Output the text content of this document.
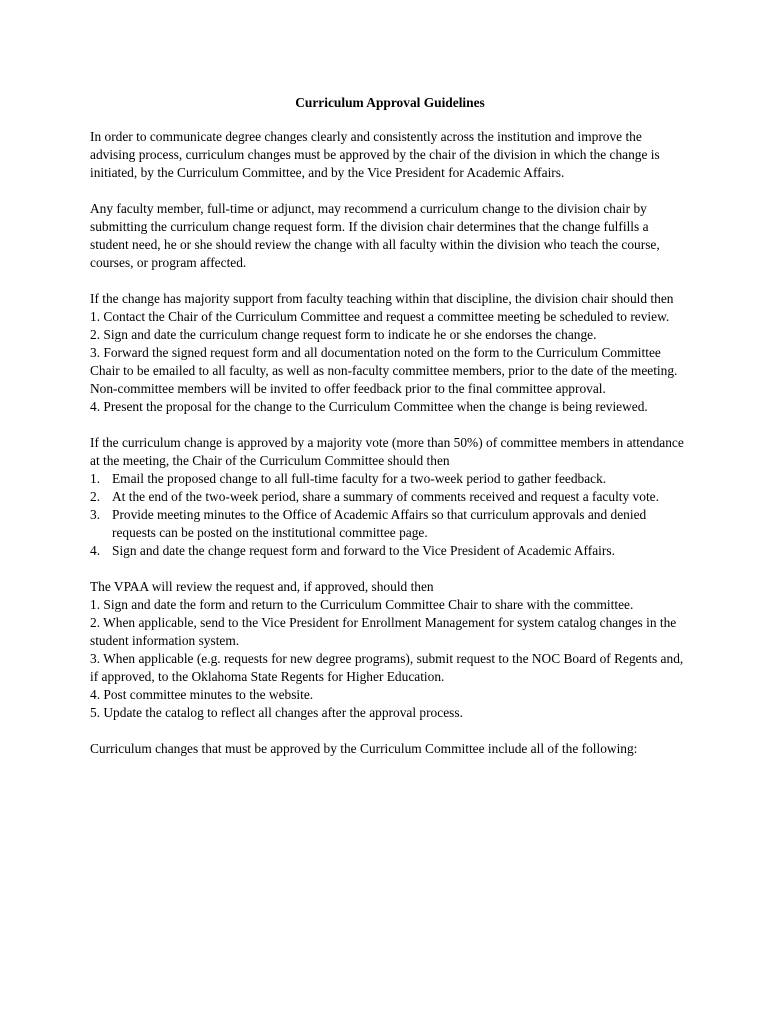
Curriculum Approval Guidelines

In order to communicate degree changes clearly and consistently across the institution and improve the advising process, curriculum changes must be approved by the chair of the division in which the change is initiated, by the Curriculum Committee, and by the Vice President for Academic Affairs.

Any faculty member, full-time or adjunct, may recommend a curriculum change to the division chair by submitting the curriculum change request form. If the division chair determines that the change fulfills a student need, he or she should review the change with all faculty within the division who teach the course, courses, or program affected.

If the change has majority support from faculty teaching within that discipline, the division chair should then

1. Contact the Chair of the Curriculum Committee and request a committee meeting be scheduled to review.

2. Sign and date the curriculum change request form to indicate he or she endorses the change.

3. Forward the signed request form and all documentation noted on the form to the Curriculum Committee Chair to be emailed to all faculty, as well as non-faculty committee members, prior to the date of the meeting. Non-committee members will be invited to offer feedback prior to the final committee approval.

4. Present the proposal for the change to the Curriculum Committee when the change is being reviewed.

If the curriculum change is approved by a majority vote (more than 50%) of committee members in attendance at the meeting, the Chair of the Curriculum Committee should then

1. Email the proposed change to all full-time faculty for a two-week period to gather feedback.
2. At the end of the two-week period, share a summary of comments received and request a faculty vote.
3. Provide meeting minutes to the Office of Academic Affairs so that curriculum approvals and denied requests can be posted on the institutional committee page.
4. Sign and date the change request form and forward to the Vice President of Academic Affairs.

The VPAA will review the request and, if approved, should then

1. Sign and date the form and return to the Curriculum Committee Chair to share with the committee.

2. When applicable, send to the Vice President for Enrollment Management for system catalog changes in the student information system.

3. When applicable (e.g. requests for new degree programs), submit request to the NOC Board of Regents and, if approved, to the Oklahoma State Regents for Higher Education.

4. Post committee minutes to the website.

5. Update the catalog to reflect all changes after the approval process.

Curriculum changes that must be approved by the Curriculum Committee include all of the following:
